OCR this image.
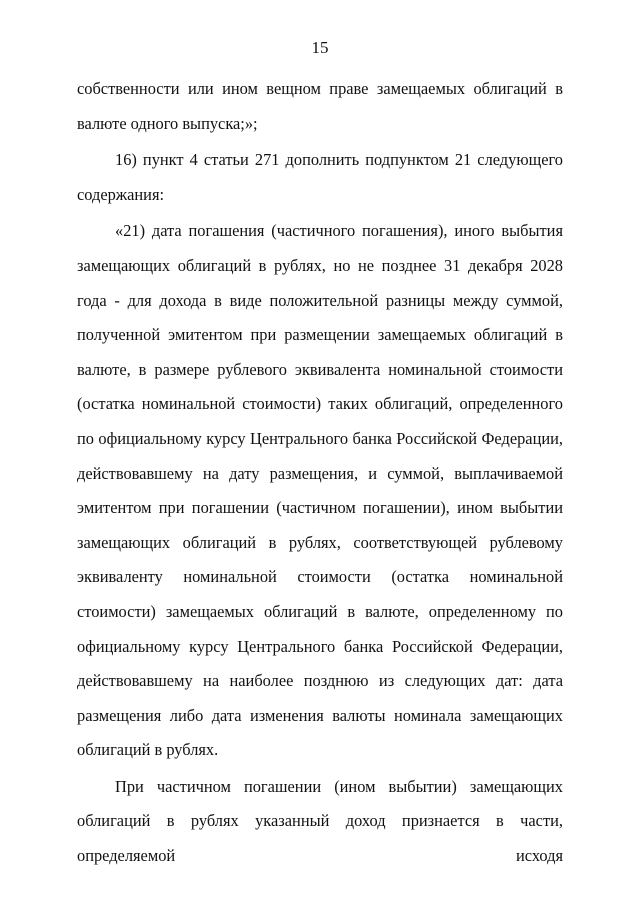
15

собственности или ином вещном праве замещаемых облигаций в валюте одного выпуска;»;

16) пункт 4 статьи 271 дополнить подпунктом 21 следующего содержания:

«21) дата погашения (частичного погашения), иного выбытия замещающих облигаций в рублях, но не позднее 31 декабря 2028 года - для дохода в виде положительной разницы между суммой, полученной эмитентом при размещении замещаемых облигаций в валюте, в размере рублевого эквивалента номинальной стоимости (остатка номинальной стоимости) таких облигаций, определенного по официальному курсу Центрального банка Российской Федерации, действовавшему на дату размещения, и суммой, выплачиваемой эмитентом при погашении (частичном погашении), ином выбытии замещающих облигаций в рублях, соответствующей рублевому эквиваленту номинальной стоимости (остатка номинальной стоимости) замещаемых облигаций в валюте, определенному по официальному курсу Центрального банка Российской Федерации, действовавшему на наиболее позднюю из следующих дат: дата размещения либо дата изменения валюты номинала замещающих облигаций в рублях.

При частичном погашении (ином выбытии) замещающих облигаций в рублях указанный доход признается в части, определяемой исходя
